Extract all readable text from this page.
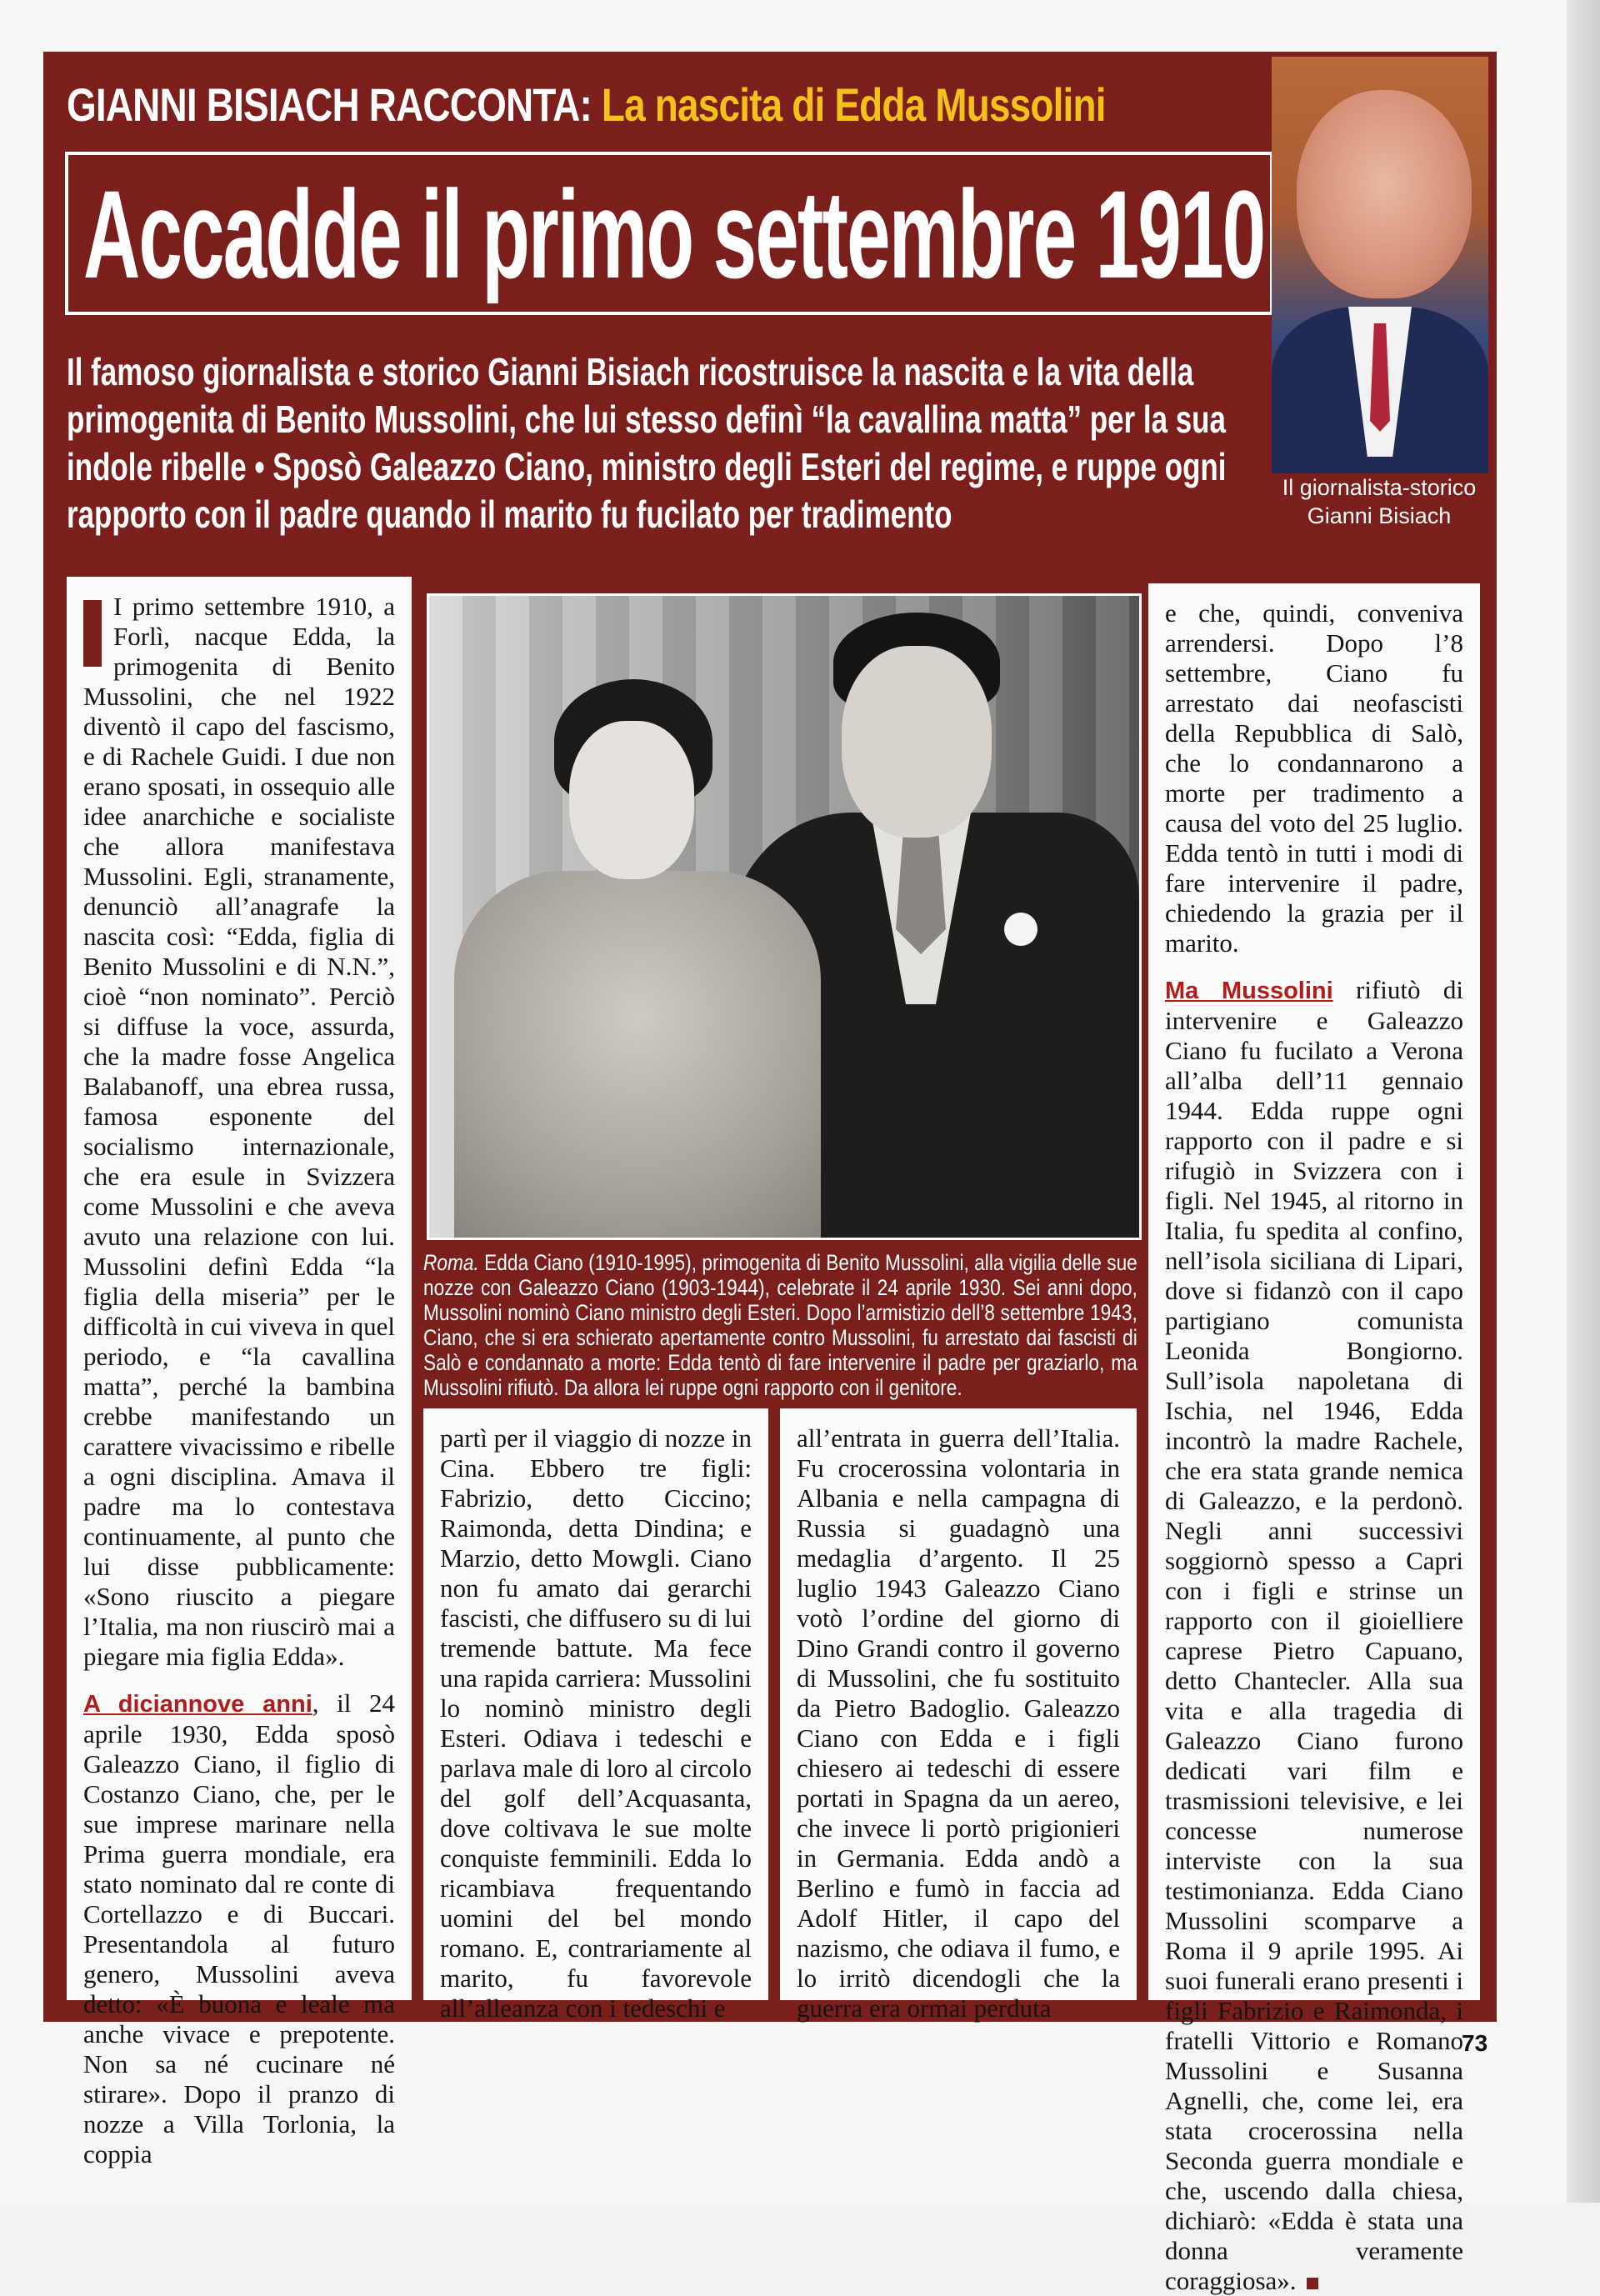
GIANNI BISIACH RACCONTA: La nascita di Edda Mussolini
Accadde il primo settembre 1910
Il giornalista-storico
Gianni Bisiach
Il famoso giornalista e storico Gianni Bisiach ricostruisce la nascita e la vita della primogenita di Benito Mussolini, che lui stesso definì “la cavallina matta” per la sua indole ribelle • Sposò Galeazzo Ciano, ministro degli Esteri del regime, e ruppe ogni rapporto con il padre quando il marito fu fucilato per tradimento

I primo settembre 1910, a Forlì, nacque Edda, la primogenita di Benito Mussolini, che nel 1922 diventò il capo del fascismo, e di Rachele Guidi. I due non erano sposati, in ossequio alle idee anarchiche e socialiste che allora manifestava Mussolini. Egli, stranamente, denunciò all’anagrafe la nascita così: “Edda, figlia di Benito Mussolini e di N.N.”, cioè “non nominato”. Perciò si diffuse la voce, assurda, che la madre fosse Angelica Balabanoff, una ebrea russa, famosa esponente del socialismo internazionale, che era esule in Svizzera come Mussolini e che aveva avuto una relazione con lui. Mussolini definì Edda “la figlia della miseria” per le difficoltà in cui viveva in quel periodo, e “la cavallina matta”, perché la bambina crebbe manifestando un carattere vivacissimo e ribelle a ogni disciplina. Amava il padre ma lo contestava continuamente, al punto che lui disse pubblicamente: «Sono riuscito a piegare l’Italia, ma non riuscirò mai a piegare mia figlia Edda».

A diciannove anni, il 24 aprile 1930, Edda sposò Galeazzo Ciano, il figlio di Costanzo Ciano, che, per le sue imprese marinare nella Prima guerra mondiale, era stato nominato dal re conte di Cortellazzo e di Buccari. Presentandola al futuro genero, Mussolini aveva detto: «È buona e leale ma anche vivace e prepotente. Non sa né cucinare né stirare». Dopo il pranzo di nozze a Villa Torlonia, la coppia

Roma. Edda Ciano (1910-1995), primogenita di Benito Mussolini, alla vigilia delle sue nozze con Galeazzo Ciano (1903-1944), celebrate il 24 aprile 1930. Sei anni dopo, Mussolini nominò Ciano ministro degli Esteri. Dopo l’armistizio dell’8 settembre 1943, Ciano, che si era schierato apertamente contro Mussolini, fu arrestato dai fascisti di Salò e condannato a morte: Edda tentò di fare intervenire il padre per graziarlo, ma Mussolini rifiutò. Da allora lei ruppe ogni rapporto con il genitore.

partì per il viaggio di nozze in Cina. Ebbero tre figli: Fabrizio, detto Ciccino; Raimonda, detta Dindina; e Marzio, detto Mowgli. Ciano non fu amato dai gerarchi fascisti, che diffusero su di lui tremende battute. Ma fece una rapida carriera: Mussolini lo nominò ministro degli Esteri. Odiava i tedeschi e parlava male di loro al circolo del golf dell’Acquasanta, dove coltivava le sue molte conquiste femminili. Edda lo ricambiava frequentando uomini del bel mondo romano. E, contrariamente al marito, fu favorevole all’alleanza con i tedeschi e

all’entrata in guerra dell’Italia. Fu crocerossina volontaria in Albania e nella campagna di Russia si guadagnò una medaglia d’argento. Il 25 luglio 1943 Galeazzo Ciano votò l’ordine del giorno di Dino Grandi contro il governo di Mussolini, che fu sostituito da Pietro Badoglio. Galeazzo Ciano con Edda e i figli chiesero ai tedeschi di essere portati in Spagna da un aereo, che invece li portò prigionieri in Germania. Edda andò a Berlino e fumò in faccia ad Adolf Hitler, il capo del nazismo, che odiava il fumo, e lo irritò dicendogli che la guerra era ormai perduta

e che, quindi, conveniva arrendersi. Dopo l’8 settembre, Ciano fu arrestato dai neofascisti della Repubblica di Salò, che lo condannarono a morte per tradimento a causa del voto del 25 luglio. Edda tentò in tutti i modi di fare intervenire il padre, chiedendo la grazia per il marito.

Ma Mussolini rifiutò di intervenire e Galeazzo Ciano fu fucilato a Verona all’alba dell’11 gennaio 1944. Edda ruppe ogni rapporto con il padre e si rifugiò in Svizzera con i figli. Nel 1945, al ritorno in Italia, fu spedita al confino, nell’isola siciliana di Lipari, dove si fidanzò con il capo partigiano comunista Leonida Bongiorno. Sull’isola napoletana di Ischia, nel 1946, Edda incontrò la madre Rachele, che era stata grande nemica di Galeazzo, e la perdonò. Negli anni successivi soggiornò spesso a Capri con i figli e strinse un rapporto con il gioielliere caprese Pietro Capuano, detto Chantecler. Alla sua vita e alla tragedia di Galeazzo Ciano furono dedicati vari film e trasmissioni televisive, e lei concesse numerose interviste con la sua testimonianza. Edda Ciano Mussolini scomparve a Roma il 9 aprile 1995. Ai suoi funerali erano presenti i figli Fabrizio e Raimonda, i fratelli Vittorio e Romano Mussolini e Susanna Agnelli, che, come lei, era stata crocerossina nella Seconda guerra mondiale e che, uscendo dalla chiesa, dichiarò: «Edda è stata una donna veramente coraggiosa».

73
